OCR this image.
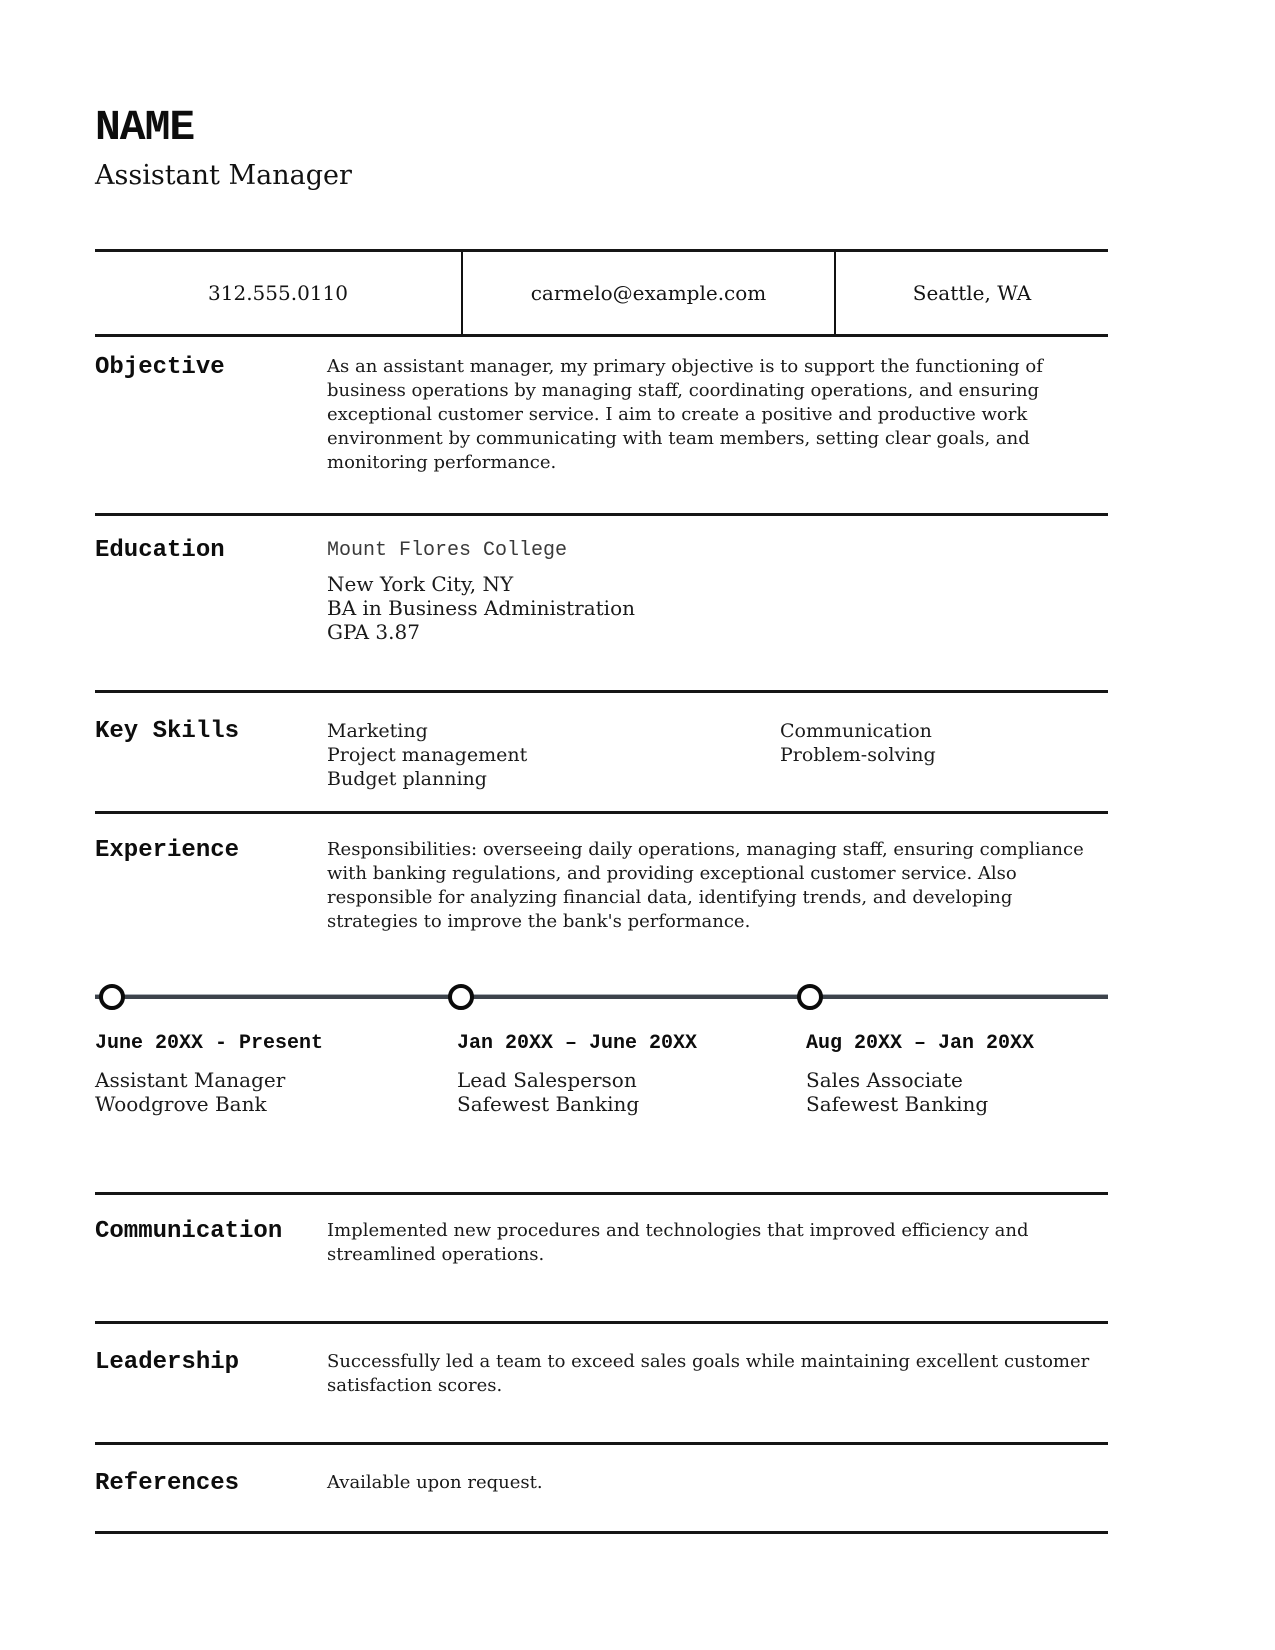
NAME
Assistant Manager
312.555.0110	carmelo@example.com	Seattle, WA
Objective	As an assistant manager, my primary objective is to support the functioning of business operations by managing staff, coordinating operations, and ensuring exceptional customer service. I aim to create a positive and productive work environment by communicating with team members, setting clear goals, and monitoring performance.
Education	Mount Flores College
New York City, NY
BA in Business Administration
GPA 3.87
Key Skills	Marketing
Project management
Budget planning
Communication
Problem-solving
Experience	Responsibilities: overseeing daily operations, managing staff, ensuring compliance with banking regulations, and providing exceptional customer service. Also responsible for analyzing financial data, identifying trends, and developing strategies to improve the bank's performance.
June 20XX - Present
Assistant Manager
Woodgrove Bank
Jan 20XX – June 20XX
Lead Salesperson
Safewest Banking
Aug 20XX – Jan 20XX
Sales Associate
Safewest Banking
Communication	Implemented new procedures and technologies that improved efficiency and streamlined operations.
Leadership	Successfully led a team to exceed sales goals while maintaining excellent customer satisfaction scores.
References	Available upon request.
